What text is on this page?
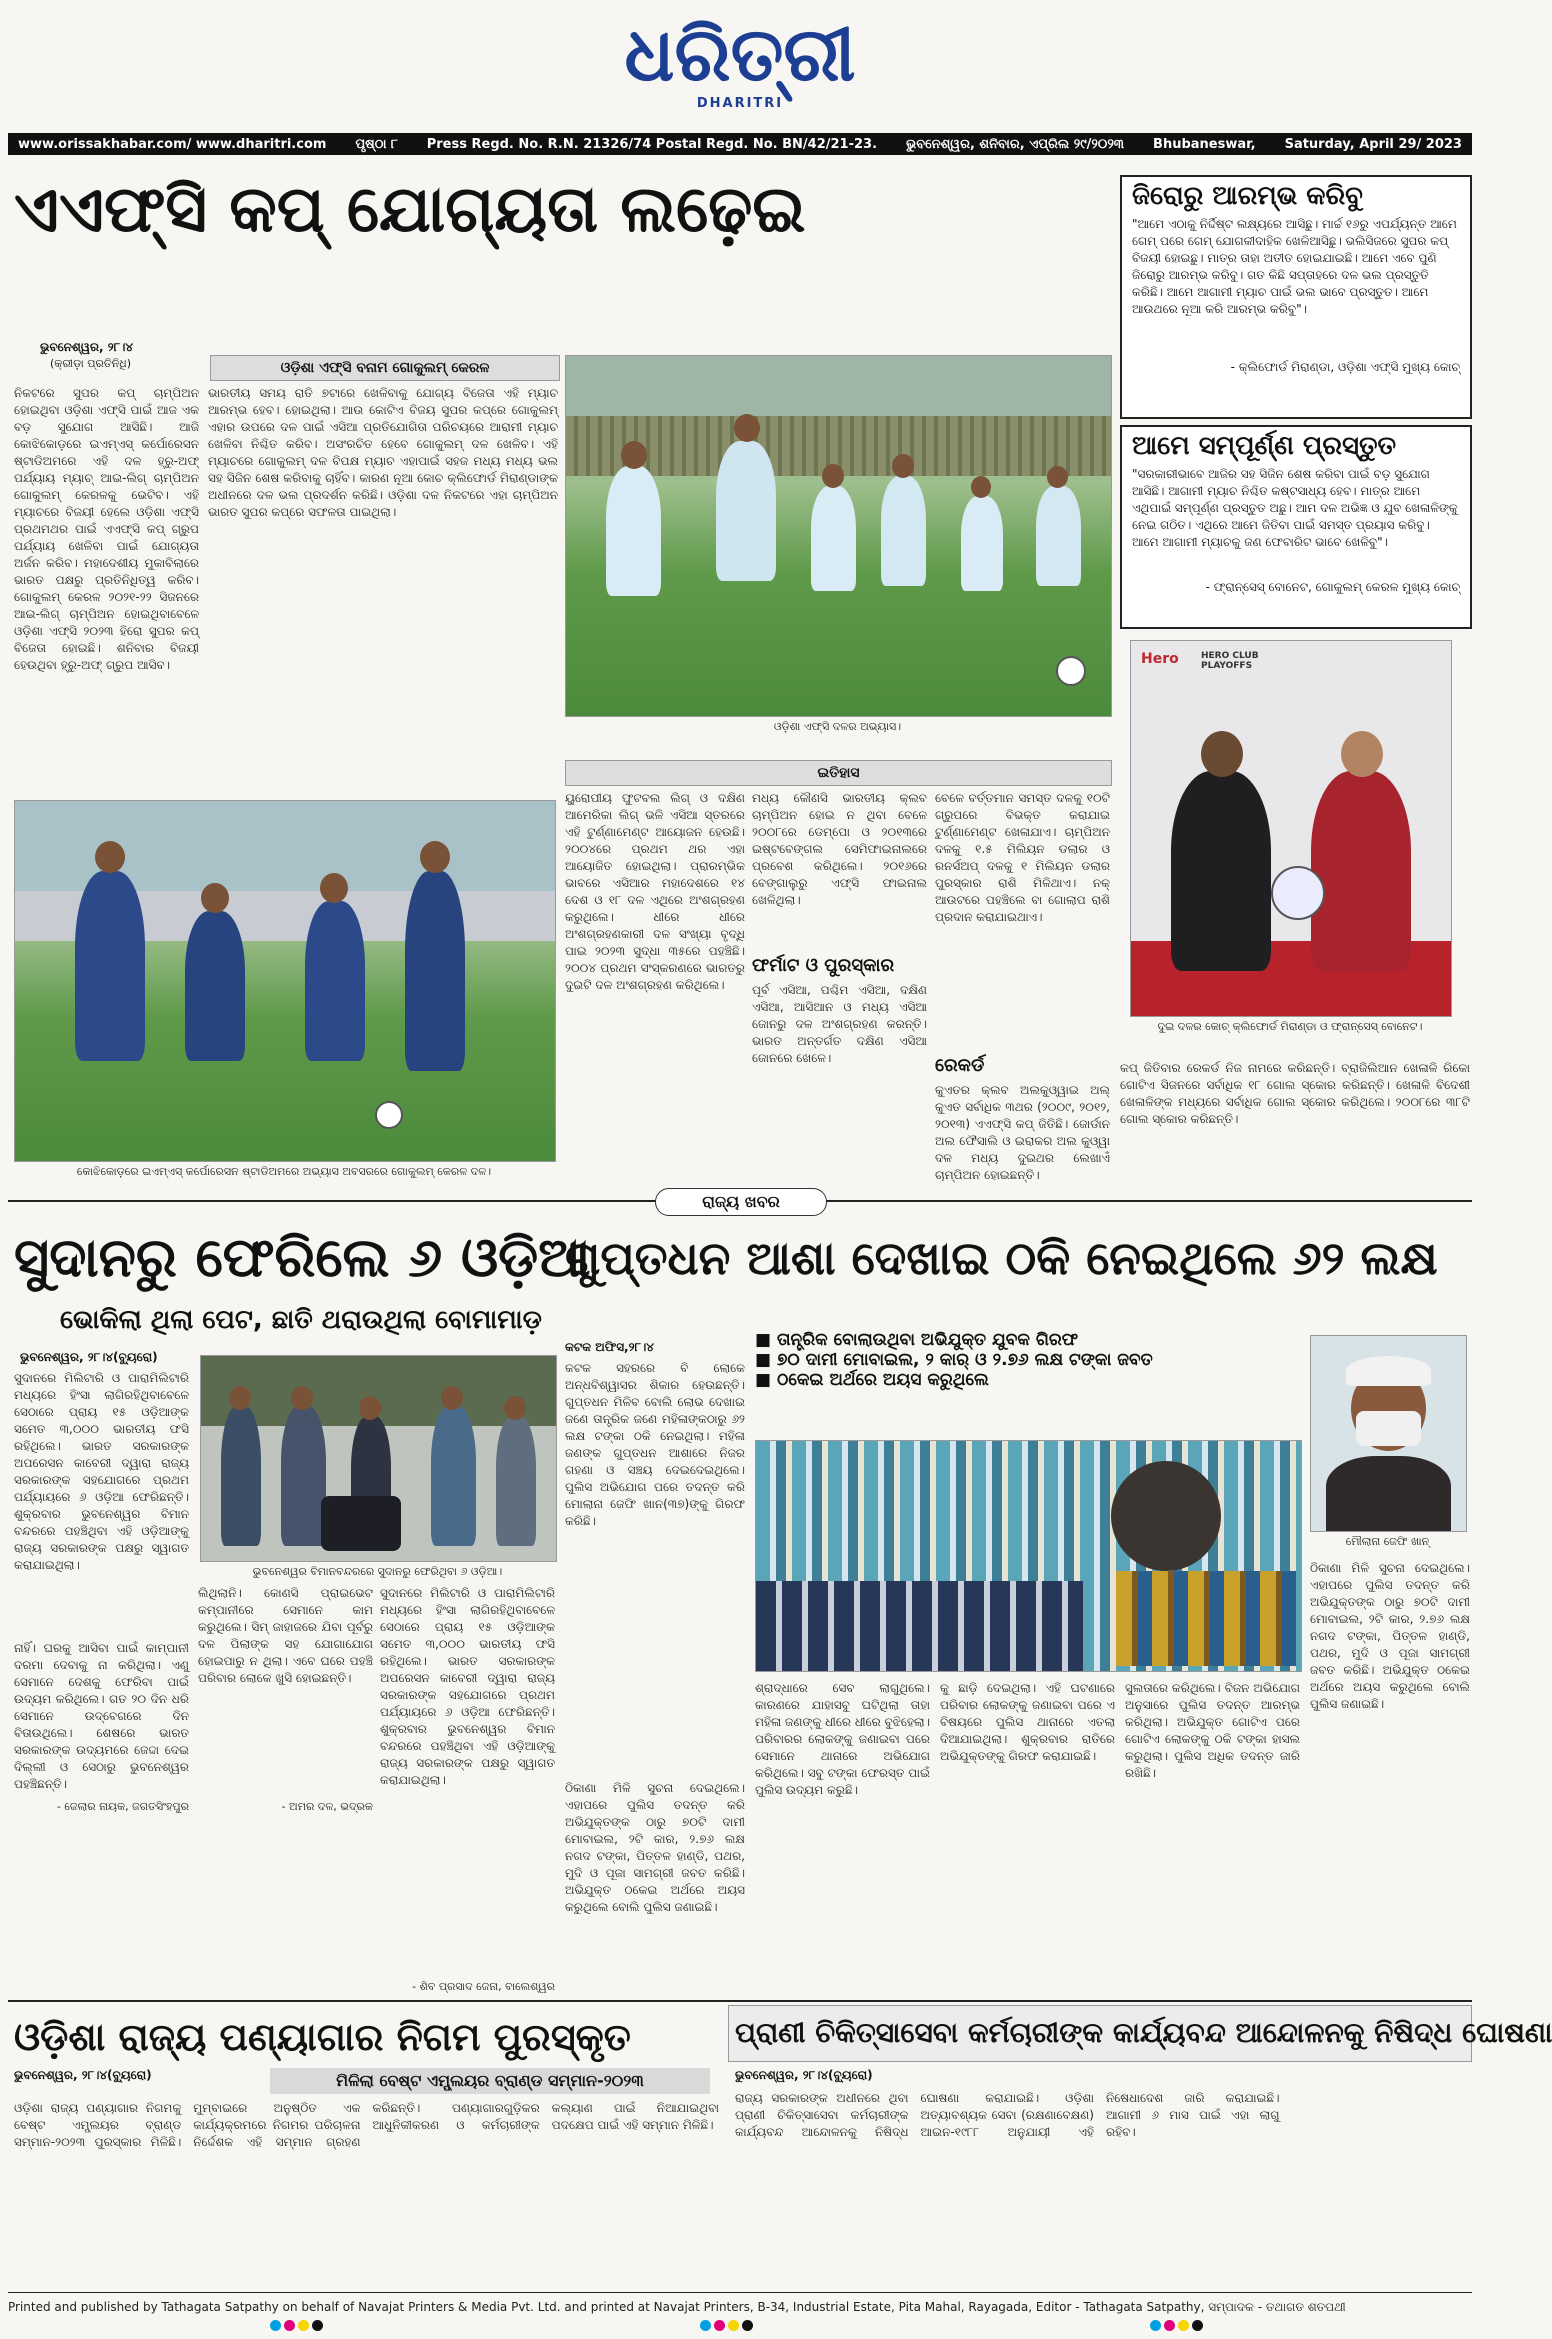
ଧରିତ୍ରୀ
DHARITRI
www.orissakhabar.com/ www.dharitri.com ପୃଷ୍ଠା ୮ Press Regd. No. R.N. 21326/74 Postal Regd. No. BN/42/21-23. ଭୁବନେଶ୍ୱର, ଶନିବାର, ଏପ୍ରିଲ ୨୯/୨୦୨୩ Bhubaneswar, Saturday, April 29/ 2023
ଏଏଫ୍‌ସି କପ୍ ଯୋଗ୍ୟତା ଲଢ଼େଇ
ଭୁବନେଶ୍ୱର, ୨୮।୪
(କ୍ରୀଡ଼ା ପ୍ରତିନିଧି)	ଓଡ଼ିଶା ଏଫ୍‌ସି ବନାମ ଗୋକୁଲମ୍ କେରଳ
ନିକଟରେ ସୁପର କପ୍ ଚାମ୍ପିଅନ ହୋଇଥିବା ଓଡ଼ିଶା ଏଫ୍‌ସି ପାଇଁ ଆଜ ଏକ ବଡ଼ ସୁଯୋଗ ଆସିଛି। ଆଜି କୋଝିକୋଡ଼ରେ ଇଏମ୍‌ଏସ୍ କର୍ପୋରେସନ ଷ୍ଟାଡିଅମରେ ଏହି ଦଳ ହ୍ରୁ-ଅଫ୍ ପର୍ଯ୍ୟାୟ ମ୍ୟାଚ୍ ଆଇ-ଲିଗ୍ ଚାମ୍ପିଅନ ଗୋକୁଲମ୍ କେରଳକୁ ଭେଟିବ। ଏହି ମ୍ୟାଚରେ ବିଜୟୀ ହେଲେ ଓଡ଼ିଶା ଏଫ୍‌ସି ପ୍ରଥମଥର ପାଇଁ ଏଏଫ୍‌ସି କପ୍ ଗ୍ରୁପ ପର୍ଯ୍ୟାୟ ଖେଳିବା ପାଇଁ ଯୋଗ୍ୟତା ଅର୍ଜନ କରିବ। ମହାଦେଶୀୟ ମୁକାବିଲାରେ ଭାରତ ପକ୍ଷରୁ ପ୍ରତିନିଧିତ୍ୱ କରିବ। ଗୋକୁଲମ୍ କେରଳ ୨୦୨୧-୨୨ ସିଜନରେ ଆଇ-ଲିଗ୍ ଚାମ୍ପିଅନ ହୋଇଥିବାବେଳେ ଓଡ଼ିଶା ଏଫ୍‌ସି ୨୦୨୩ ହିରୋ ସୁପର କପ୍ ବିଜେତା ହୋଇଛି। ଶନିବାର ବିଜୟୀ ହେଉଥିବା ହ୍ରୁ-ଅଫ୍ ଗ୍ରୁପ ଆସିବ।
ଭାରତୀୟ ସମୟ ରାତି ୭ଟାରେ ଖେଳିବାକୁ ଯୋଗ୍ୟ ବିଜେତା ଏହି ମ୍ୟାଚ ଆରମ୍ଭ ହେବ। ହୋଇଥିଲା। ଆଉ କୋଟିଏ ବିଜୟ ସୁପର କପ୍‌ରେ ଗୋକୁଲମ୍ ଏହାର ଉପରେ ଦଳ ପାଇଁ ଏସିଆ ପ୍ରତିଯୋଗିତା ପରିଚୟରେ ଆରାମୀ ମ୍ୟାଚ ଖେଳିବା ନିଶ୍ଚିତ କରିବ। ଅସଂରଚିତ ହେବେ ଗୋକୁଲମ୍ ଦଳ ଖେଳିବ। ଏହି ମ୍ୟାଚରେ ଗୋକୁଲମ୍ ଦଳ ବିପକ୍ଷ ମ୍ୟାଚ ଏହାପାଇଁ ସହଜ ମଧ୍ୟ ମଧ୍ୟ ଭଲ ସହ ସିଜିନ ଶେଷ କରିବାକୁ ଚାହିଁବ। କାରଣ ନୂଆ କୋଚ କ୍ଲିଫୋର୍ଡ ମିରାଣ୍ଡାଙ୍କ ଅଧୀନରେ ଦଳ ଭଲ ପ୍ରଦର୍ଶନ କରିଛି। ଓଡ଼ିଶା ଦଳ ନିକଟରେ ଏହା ଚାମ୍ପିଅନ ଭାରତ ସୁପର କପ୍‌ରେ ସଫଳତା ପାଇଥିଲା।
ଓଡ଼ିଶା ଏଫ୍‌ସି ଦଳର ଅଭ୍ୟାସ।
କୋଝିକୋଡ଼ରେ ଇଏମ୍‌ଏସ୍ କର୍ପୋରେସନ ଷ୍ଟାଡିଅମରେ ଅଭ୍ୟାସ ଅବସରରେ ଗୋକୁଲମ୍ କେରଳ ଦଳ।
ଇତିହାସ
ୟୁରୋପୀୟ ଫୁଟବଲ ଲିଗ୍ ଓ ଦକ୍ଷିଣ ଆମେରିକା ଲିଗ୍ ଭଳି ଏସିଆ ସ୍ତରରେ ଏହି ଟୁର୍ଣ୍ଣାମେଣ୍ଟ ଆୟୋଜନ ହେଉଛି। ୨୦୦୪ରେ ପ୍ରଥମ ଥର ଏହା ଆୟୋଜିତ ହୋଇଥିଲା। ପ୍ରାରମ୍ଭିକ ଭାବରେ ଏସିଆର ମହାଦେଶରେ ୧୪ ଦେଶ ଓ ୧୮ ଦଳ ଏଥିରେ ଅଂଶଗ୍ରହଣ କରୁଥିଲେ। ଧୀରେ ଧୀରେ ଅଂଶଗ୍ରହଣକାରୀ ଦଳ ସଂଖ୍ୟା ବୃଦ୍ଧି ପାଇ ୨୦୨୩ ସୁଦ୍ଧା ୩୫ରେ ପହଞ୍ଚିଛି। ୨୦୦୪ ପ୍ରଥମ ସଂସ୍କରଣରେ ଭାରତରୁ ଦୁଇଟି ଦଳ ଅଂଶଗ୍ରହଣ କରିଥିଲେ।
ମଧ୍ୟ କୌଣସି ଭାରତୀୟ କ୍ଲବ ଚାମ୍ପିଅନ ହୋଇ ନ ଥିବା ବେଳେ ୨୦୦୮ରେ ଡେମ୍ପୋ ଓ ୨୦୧୩ରେ ଇଷ୍ଟବେଙ୍ଗଲ ସେମିଫାଇନାଲରେ ପ୍ରବେଶ କରିଥିଲେ। ୨୦୧୬ରେ ବେଙ୍ଗାଲୁରୁ ଏଫ୍‌ସି ଫାଇନାଲ ଖେଳିଥିଲା।
ଫର୍ମାଟ ଓ ପୁରସ୍କାର
ପୂର୍ବ ଏସିଆ, ପଶ୍ଚିମ ଏସିଆ, ଦକ୍ଷିଣ ଏସିଆ, ଆସିଆନ ଓ ମଧ୍ୟ ଏସିଆ ଜୋନରୁ ଦଳ ଅଂଶଗ୍ରହଣ କରନ୍ତି। ଭାରତ ଅନ୍ତର୍ଗତ ଦକ୍ଷିଣ ଏସିଆ ଜୋନରେ ଖେଳେ।
ବେଳେ ବର୍ତ୍ତମାନ ସମସ୍ତ ଦଳକୁ ୧୦ଟି ଗ୍ରୁପରେ ବିଭକ୍ତ କରାଯାଇ ଟୁର୍ଣ୍ଣାମେଣ୍ଟ ଖେଳାଯାଏ। ଚାମ୍ପିଅନ ଦଳକୁ ୧.୫ ମିଲିୟନ ଡଲାର ଓ ରନର୍ସଅପ୍ ଦଳକୁ ୧ ମିଲିୟନ ଡଲାର ପୁରସ୍କାର ରାଶି ମିଳିଥାଏ। ନକ୍ ଆଉଟରେ ପହଞ୍ଚିଲେ ବା ଗୋଲାପ ରାଶି ପ୍ରଦାନ କରାଯାଇଥାଏ।
ରେକର୍ଡ
କୁଏତର କ୍ଲବ ଅଲକୁଓ୍ୱାଇ ଅଲ୍ କୁଏତ ସର୍ବାଧିକ ୩ଥର (୨୦୦୯, ୨୦୧୨, ୨୦୧୩) ଏଏଫ୍‌ସି କପ୍ ଜିତିଛି। ଜୋର୍ଡାନ ଅଲ ଫୈସାଲି ଓ ଇରାକର ଅଲ କୁଓ୍ୱା ଦଳ ମଧ୍ୟ ଦୁଇଥର ଲେଖାଏଁ ଚାମ୍ପିଅନ ହୋଇଛନ୍ତି।
କପ୍ ଜିତିବାର ରେକର୍ଡ ନିଜ ନାମରେ କରିଛନ୍ତି। ବ୍ରାଜିଲିଆନ ଖେଳାଳି ରିକୋ ଗୋଟିଏ ସିଜନରେ ସର୍ବାଧିକ ୧୮ ଗୋଲ ସ୍କୋର କରିଛନ୍ତି। ଖେଳାଳି ବିଦେଶୀ ଖେଳାଳିଙ୍କ ମଧ୍ୟରେ ସର୍ବାଧିକ ଗୋଲ ସ୍କୋର କରିଥିଲେ। ୨୦୦୮ରେ ୩୮ଟି ଗୋଲ ସ୍କୋର କରିଛନ୍ତି।
ଜିରୋରୁ ଆରମ୍ଭ କରିବୁ
"ଆମେ ଏଠାକୁ ନିର୍ଦ୍ଦିଷ୍ଟ ଲକ୍ଷ୍ୟରେ ଆସିଛୁ। ମାର୍ଚ୍ଚ ୧୬ରୁ ଏପର୍ଯ୍ୟନ୍ତ ଆମେ ଗେମ୍ ପରେ ଗେମ୍ ଯୋଗକୀଦାହିକ ଖେଳିଆସିଛୁ। ଭଲିସିଜରେ ସୁପର କପ୍ ବିଜୟୀ ହୋଇଛୁ। ମାତ୍ର ତାହା ଅତୀତ ହୋଇଯାଇଛି। ଆମେ ଏବେ ପୁଣି ଜିରୋରୁ ଆରମ୍ଭ କରିବୁ। ଗତ କିଛି ସପ୍ତାହରେ ଦଳ ଭଲ ପ୍ରସ୍ତୁତି କରିଛି। ଆମେ ଆଗାମୀ ମ୍ୟାଚ ପାଇଁ ଭଲ ଭାବେ ପ୍ରସ୍ତୁତ। ଆମେ ଆଉଥରେ ନୂଆ କରି ଆରମ୍ଭ କରିବୁ"।
- କ୍ଲିଫୋର୍ଡ ମିରାଣ୍ଡା, ଓଡ଼ିଶା ଏଫ୍‌ସି ମୁଖ୍ୟ କୋଚ୍
ଆମେ ସମ୍ପୂର୍ଣ୍ଣ ପ୍ରସ୍ତୁତ
"ସରକାରୀଭାବେ ଆଜିର ସହ ସିଜିନ ଶେଷ କରିବା ପାଇଁ ବଡ଼ ସୁଯୋଗ ଆସିଛି। ଆଗାମୀ ମ୍ୟାଚ ନିଶ୍ଚିତ କଷ୍ଟସାଧ୍ୟ ହେବ। ମାତ୍ର ଆମେ ଏଥିପାଇଁ ସମ୍ପୂର୍ଣ୍ଣ ପ୍ରସ୍ତୁତ ଅଛୁ। ଆମ ଦଳ ଅଭିଜ୍ଞ ଓ ଯୁବ ଖେଳାଳିଙ୍କୁ ନେଇ ଗଠିତ। ଏଥିରେ ଆମେ ଜିତିବା ପାଇଁ ସମସ୍ତ ପ୍ରୟାସ କରିବୁ। ଆମେ ଆଗାମୀ ମ୍ୟାଚକୁ ଜଣ ଫେବାରିଟ ଭାବେ ଖେଳିବୁ"।
- ଫ୍ରାନ୍ସେସ୍ ବୋନେଟ, ଗୋକୁଲମ୍ କେରଳ ମୁଖ୍ୟ କୋଚ୍
Hero HERO CLUB PLAYOFFS
ଦୁଇ ଦଳର କୋଚ୍ କ୍ଲିଫୋର୍ଡ ମିରାଣ୍ଡା ଓ ଫ୍ରାନ୍ସେସ୍ ବୋନେଟ।
ରାଜ୍ୟ ଖବର
ସୁଦାନରୁ ଫେରିଲେ ୬ ଓଡ଼ିଆ
ଭୋକିଲା ଥିଲା ପେଟ, ଛାତି ଥରାଉଥିଲା ବୋମାମାଡ଼
ଭୁବନେଶ୍ୱର, ୨୮।୪(ବ୍ୟୁରୋ)
ସୁଦାନରେ ମିଲିଟାରି ଓ ପାରାମିଲିଟାରି ମଧ୍ୟରେ ହିଂସା ଲାଗିରହିଥିବାବେଳେ ସେଠାରେ ପ୍ରାୟ ୧୫ ଓଡ଼ିଆଙ୍କ ସମେତ ୩,୦୦୦ ଭାରତୀୟ ଫସି ରହିଥିଲେ। ଭାରତ ସରକାରଙ୍କ ଅପରେସନ କାବେରୀ ଦ୍ୱାରା ରାଜ୍ୟ ସରକାରଙ୍କ ସହଯୋଗରେ ପ୍ରଥମ ପର୍ଯ୍ୟାୟରେ ୬ ଓଡ଼ିଆ ଫେରିଛନ୍ତି। ଶୁକ୍ରବାର ଭୁବନେଶ୍ୱର ବିମାନ ବନ୍ଦରରେ ପହଞ୍ଚିଥିବା ଏହି ଓଡ଼ିଆଙ୍କୁ ରାଜ୍ୟ ସରକାରଙ୍କ ପକ୍ଷରୁ ସ୍ୱାଗତ କରାଯାଇଥିଲା।	ଭୁବନେଶ୍ୱର ବିମାନବନ୍ଦରରେ ସୁଦାନରୁ ଫେରିଥିବା ୬ ଓଡ଼ିଆ।
ନାହିଁ। ଘରକୁ ଆସିବା ପାଇଁ କାମ୍ପାନୀ ଦରମା ଦେବାକୁ ନା କରିଥିଲା। ଏଣୁ ସେମାନେ ଦେଶକୁ ଫେରିବା ପାଇଁ ଉଦ୍ୟମ କରିଥିଲେ। ଗତ ୨୦ ଦିନ ଧରି ସେମାନେ ଉଦ୍‌ବେଗରେ ଦିନ ବିତାଉଥିଲେ। ଶେଷରେ ଭାରତ ସରକାରଙ୍କ ଉଦ୍ୟମରେ ଜେଦ୍ଦା ଦେଇ ଦିଲ୍ଲୀ ଓ ସେଠାରୁ ଭୁବନେଶ୍ୱର ପହଞ୍ଚିଛନ୍ତି।
ଲିଥିଲାନି। କୋଣସି ପ୍ରାଇଭେଟ କମ୍ପାନୀରେ ସେମାନେ କାମ କରୁଥିଲେ। ସିମ୍ ଜାହାଜରେ ଯିବା ପୂର୍ବରୁ ଦଳ ପିଲାଙ୍କ ସହ ଯୋଗାଯୋଗ ହୋଇପାରୁ ନ ଥିଲା। ଏବେ ଘରେ ପହଞ୍ଚି ପରିବାର ଲୋକେ ଖୁସି ହୋଇଛନ୍ତି।
ସୁଦାନରେ ମିଲିଟାରି ଓ ପାରାମିଲିଟାରି ମଧ୍ୟରେ ହିଂସା ଲାଗିରହିଥିବାବେଳେ ସେଠାରେ ପ୍ରାୟ ୧୫ ଓଡ଼ିଆଙ୍କ ସମେତ ୩,୦୦୦ ଭାରତୀୟ ଫସି ରହିଥିଲେ। ଭାରତ ସରକାରଙ୍କ ଅପରେସନ କାବେରୀ ଦ୍ୱାରା ରାଜ୍ୟ ସରକାରଙ୍କ ସହଯୋଗରେ ପ୍ରଥମ ପର୍ଯ୍ୟାୟରେ ୬ ଓଡ଼ିଆ ଫେରିଛନ୍ତି। ଶୁକ୍ରବାର ଭୁବନେଶ୍ୱର ବିମାନ ବନ୍ଦରରେ ପହଞ୍ଚିଥିବା ଏହି ଓଡ଼ିଆଙ୍କୁ ରାଜ୍ୟ ସରକାରଙ୍କ ପକ୍ଷରୁ ସ୍ୱାଗତ କରାଯାଇଥିଲା।
- ଜେଲାର ନାୟକ, ଜଗତସିଂହପୁର	- ଅମର ଦଳ, ଭଦ୍ରକ
- ଶିବ ପ୍ରସାଦ ଜେନା, ବାଲେଶ୍ୱର
ଗୁପ୍ତଧନ ଆଶା ଦେଖାଇ ଠକି ନେଇଥିଲେ ୬୨ ଲକ୍ଷ
କଟକ ଅଫିସ,୨୮।୪	■ ତାନ୍ତ୍ରିକ ବୋଲାଉଥିବା ଅଭିଯୁକ୍ତ ଯୁବକ ଗିରଫ
■ ୭୦ ଦାମୀ ମୋବାଇଲ, ୨ କାର୍ ଓ ୨.୭୬ ଲକ୍ଷ ଟଙ୍କା ଜବତ
■ ଠକେଇ ଅର୍ଥରେ ଅୟସ କରୁଥିଲେ
ମୌଲାନା ଜେଫି ଖାନ୍
କଟକ ସହରରେ ବି ଲୋକେ ଅନ୍ଧବିଶ୍ୱାସର ଶିକାର ହେଉଛନ୍ତି। ଗୁପ୍ତଧନ ମିଳିବ ବୋଲି ଲୋଭ ଦେଖାଇ ଜଣେ ତାନ୍ତ୍ରିକ ଜଣେ ମହିଳାଙ୍କଠାରୁ ୬୨ ଲକ୍ଷ ଟଙ୍କା ଠକି ନେଇଥିଲା। ମହିଳା ଜଣଙ୍କ ଗୁପ୍ତଧନ ଆଶାରେ ନିଜର ଗହଣା ଓ ସଞ୍ଚୟ ଦେଇଦେଇଥିଲେ। ପୁଲିସ ଅଭିଯୋଗ ପରେ ତଦନ୍ତ କରି ମୋଲାନା ଜେଫି ଖାନ(୩୭)ଙ୍କୁ ଗିରଫ କରିଛି।
ଠିକାଣା ମିଳି ସୁଚନା ଦେଇଥିଲେ। ଏହାପରେ ପୁଲିସ ତଦନ୍ତ କରି ଅଭିଯୁକ୍ତଙ୍କ ଠାରୁ ୭୦ଟି ଦାମୀ ମୋବାଇଲ, ୨ଟି କାର, ୨.୭୬ ଲକ୍ଷ ନଗଦ ଟଙ୍କା, ପିତ୍ତଳ ହାଣ୍ଡି, ପଥର, ମୁଦି ଓ ପୂଜା ସାମଗ୍ରୀ ଜବତ କରିଛି। ଅଭିଯୁକ୍ତ ଠକେଇ ଅର୍ଥରେ ଅୟସ କରୁଥିଲେ ବୋଲି ପୁଲିସ ଜଣାଇଛି।
ଶ୍ରାଦ୍ଧାରେ ସେବ ଲାଗୁଥିଲେ। କାରଣରେ ଯାହାସବୁ ଘଟିଥିଲା ତାହା ମହିଳା ଜଣଙ୍କୁ ଧୀରେ ଧୀରେ ବୁଝିହେଲା। ପରିବାରର ଲୋକଙ୍କୁ ଜଣାଇବା ପରେ ସେମାନେ ଥାନାରେ ଅଭିଯୋଗ କରିଥିଲେ। ସବୁ ଟଙ୍କା ଫେରସ୍ତ ପାଇଁ ପୁଲିସ ଉଦ୍ୟମ କରୁଛି।
କୁ ଛାଡ଼ି ଦେଇଥିଲା। ଏହି ଘଟଣାରେ ପରିବାର ଲୋକଙ୍କୁ ଜଣାଇବା ପରେ ଏ ବିଷୟରେ ପୁଲିସ ଥାନାରେ ଏତଲା ଦିଆଯାଇଥିଲା। ଶୁକ୍ରବାର ରାତିରେ ଅଭିଯୁକ୍ତଙ୍କୁ ଗିରଫ କରାଯାଇଛି।
ସୁଲତାରେ କରିଥିଲେ। ବିଜନ ଅଭିଯୋଗ ଅନୁସାରେ ପୁଲିସ ତଦନ୍ତ ଆରମ୍ଭ କରିଥିଲା। ଅଭିଯୁକ୍ତ ଗୋଟିଏ ପରେ ଗୋଟିଏ ଲୋକଙ୍କୁ ଠକି ଟଙ୍କା ହାସଲ କରୁଥିଲା। ପୁଲିସ ଅଧିକ ତଦନ୍ତ ଜାରି ରଖିଛି।
ଠିକାଣା ମିଳି ସୁଚନା ଦେଇଥିଲେ। ଏହାପରେ ପୁଲିସ ତଦନ୍ତ କରି ଅଭିଯୁକ୍ତଙ୍କ ଠାରୁ ୭୦ଟି ଦାମୀ ମୋବାଇଲ, ୨ଟି କାର, ୨.୭୬ ଲକ୍ଷ ନଗଦ ଟଙ୍କା, ପିତ୍ତଳ ହାଣ୍ଡି, ପଥର, ମୁଦି ଓ ପୂଜା ସାମଗ୍ରୀ ଜବତ କରିଛି। ଅଭିଯୁକ୍ତ ଠକେଇ ଅର୍ଥରେ ଅୟସ କରୁଥିଲେ ବୋଲି ପୁଲିସ ଜଣାଇଛି।
ଓଡ଼ିଶା ରାଜ୍ୟ ପଣ୍ୟାଗାର ନିଗମ ପୁରସ୍କୃତ
ମିଳିଲା ବେଷ୍ଟ ଏମ୍ପ୍ଲୟର ବ୍ରାଣ୍ଡ ସମ୍ମାନ-୨୦୨୩
ଭୁବନେଶ୍ୱର, ୨୮।୪(ବ୍ୟୁରୋ)
ଓଡ଼ିଶା ରାଜ୍ୟ ପଣ୍ୟାଗାର ନିଗମକୁ ବେଷ୍ଟ ଏମ୍ପ୍ଲୟର ବ୍ରାଣ୍ଡ ସମ୍ମାନ-୨୦୨୩ ପୁରସ୍କାର ମିଳିଛି। ମୁମ୍ବାଇରେ ଅନୁଷ୍ଠିତ ଏକ କାର୍ଯ୍ୟକ୍ରମରେ ନିଗମର ପରିଚାଳନା ନିର୍ଦ୍ଦେଶକ ଏହି ସମ୍ମାନ ଗ୍ରହଣ କରିଛନ୍ତି। ପଣ୍ୟାଗାରଗୁଡ଼ିକର ଆଧୁନିକୀକରଣ ଓ କର୍ମଚାରୀଙ୍କ କଲ୍ୟାଣ ପାଇଁ ନିଆଯାଇଥିବା ପଦକ୍ଷେପ ପାଇଁ ଏହି ସମ୍ମାନ ମିଳିଛି।
ପ୍ରାଣୀ ଚିକିତ୍ସାସେବା କର୍ମଚାରୀଙ୍କ କାର୍ଯ୍ୟବନ୍ଦ ଆନ୍ଦୋଳନକୁ ନିଷିଦ୍ଧ ଘୋଷଣା
ଭୁବନେଶ୍ୱର, ୨୮।୪(ବ୍ୟୁରୋ)
ରାଜ୍ୟ ସରକାରଙ୍କ ଅଧୀନରେ ଥିବା ପ୍ରାଣୀ ଚିକିତ୍ସାସେବା କର୍ମଚାରୀଙ୍କ କାର୍ଯ୍ୟବନ୍ଦ ଆନ୍ଦୋଳନକୁ ନିଷିଦ୍ଧ ଘୋଷଣା କରାଯାଇଛି। ଓଡ଼ିଶା ଅତ୍ୟାବଶ୍ୟକ ସେବା (ରକ୍ଷଣାବେକ୍ଷଣ) ଆଇନ-୧୯୮୮ ଅନୁଯାୟୀ ଏହି ନିଷେଧାଦେଶ ଜାରି କରାଯାଇଛି। ଆଗାମୀ ୬ ମାସ ପାଇଁ ଏହା ଲାଗୁ ରହିବ।
Printed and published by Tathagata Satpathy on behalf of Navajat Printers & Media Pvt. Ltd. and printed at Navajat Printers, B-34, Industrial Estate, Pita Mahal, Rayagada, Editor - Tathagata Satpathy, ସମ୍ପାଦକ - ତଥାଗତ ଶତପଥୀ
